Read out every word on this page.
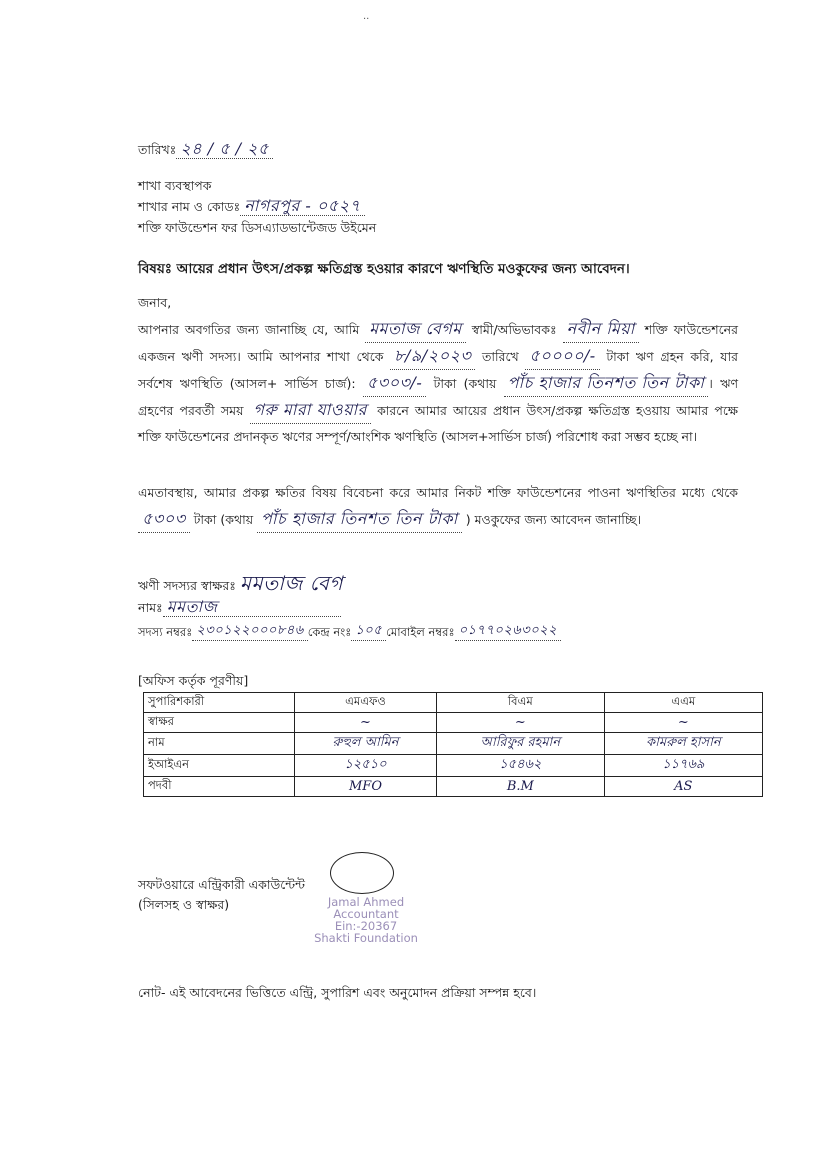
··
তারিখঃ ২৪ / ৫ / ২৫
শাখা ব্যবস্থাপক
শাখার নাম ও কোডঃ নাগরপুর - ০৫২৭
শক্তি ফাউন্ডেশন ফর ডিসএ্যাডভান্টেজড উইমেন
বিষয়ঃ আয়ের প্রধান উৎস/প্রকল্প ক্ষতিগ্রস্ত হওয়ার কারণে ঋণস্থিতি মওকুফের জন্য আবেদন।
জনাব,
আপনার অবগতির জন্য জানাচ্ছি যে, আমি মমতাজ বেগম স্বামী/অভিভাবকঃ নবীন মিয়া শক্তি ফাউন্ডেশনের একজন ঋণী সদস্য। আমি আপনার শাখা থেকে ৮/৯/২০২৩ তারিখে ৫০০০০/- টাকা ঋণ গ্রহন করি, যার সর্বশেষ ঋণস্থিতি (আসল+ সার্ভিস চার্জ): ৫৩০৩/- টাকা (কথায় পাঁচ হাজার তিনশত তিন টাকা । ঋণ গ্রহণের পরবর্তী সময় গরু মারা যাওয়ার কারনে আমার আয়ের প্রধান উৎস/প্রকল্প ক্ষতিগ্রস্ত হওয়ায় আমার পক্ষে শক্তি ফাউন্ডেশনের প্রদানকৃত ঋণের সম্পূর্ণ/আংশিক ঋণস্থিতি (আসল+সার্ভিস চার্জ) পরিশোধ করা সম্ভব হচ্ছে না।
এমতাবস্থায়, আমার প্রকল্প ক্ষতির বিষয় বিবেচনা করে আমার নিকট শক্তি ফাউন্ডেশনের পাওনা ঋণস্থিতির মধ্যে থেকে ৫৩০৩ টাকা (কথায় পাঁচ হাজার তিনশত তিন টাকা ) মওকুফের জন্য আবেদন জানাচ্ছি।
ঋণী সদস্যর স্বাক্ষরঃ মমতাজ বেগ
নামঃ মমতাজ
সদস্য নম্বরঃ ২৩০১২২০০০৮৪৬ কেন্দ্র নংঃ ১০৫ মোবাইল নম্বরঃ ০১৭৭০২৬৩০২২
[অফিস কর্তৃক পূরণীয়]
সুপারিশকারী	এমএফও	বিএম	এএম
স্বাক্ষর	~	~	~
নাম	রুহুল আমিন	আরিফুর রহমান	কামরুল হাসান
ইআইএন	১২৫১০	১৫৪৬২	১১৭৬৯
পদবী	MFO	B.M	AS
সফটওয়ারে এন্ট্রিকারী একাউন্টেন্ট
(সিলসহ ও স্বাক্ষর)	Jamal Ahmed
Accountant
Ein:-20367
Shakti Foundation
নোট- এই আবেদনের ভিত্তিতে এন্ট্রি, সুপারিশ এবং অনুমোদন প্রক্রিয়া সম্পন্ন হবে।
